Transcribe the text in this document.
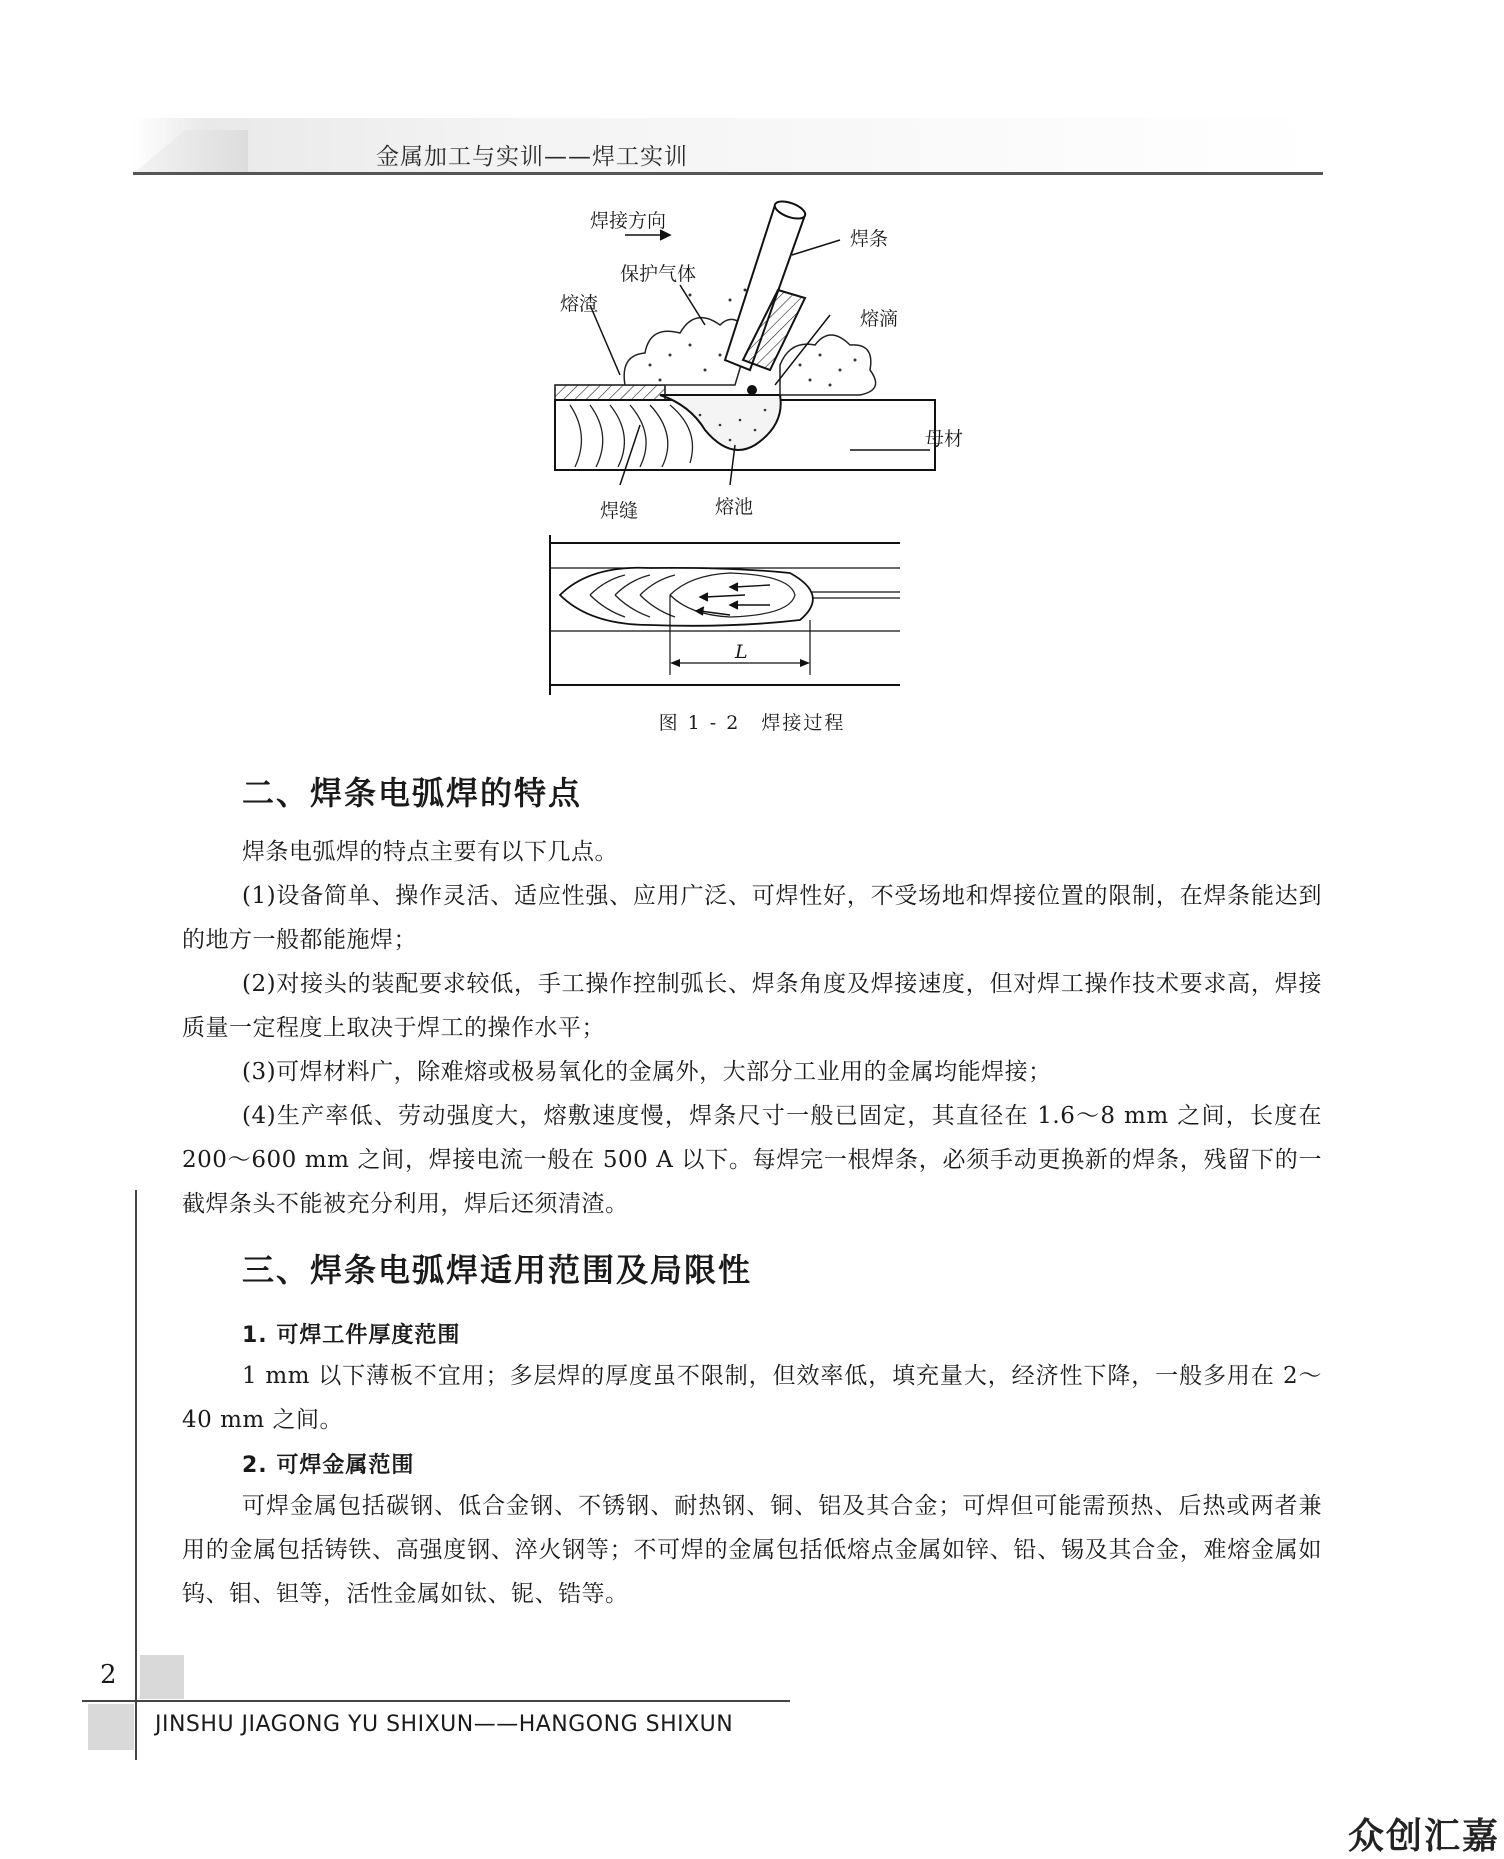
金属加工与实训——焊工实训
焊接方向
焊条
保护气体
熔渣
熔滴
母材
焊缝	熔池
L
图 1 - 2　焊接过程
二、焊条电弧焊的特点
焊条电弧焊的特点主要有以下几点。
(1)设备简单、操作灵活、适应性强、应用广泛、可焊性好，不受场地和焊接位置的限制，在焊条能达到的地方一般都能施焊；
(2)对接头的装配要求较低，手工操作控制弧长、焊条角度及焊接速度，但对焊工操作技术要求高，焊接质量一定程度上取决于焊工的操作水平；
(3)可焊材料广，除难熔或极易氧化的金属外，大部分工业用的金属均能焊接；
(4)生产率低、劳动强度大，熔敷速度慢，焊条尺寸一般已固定，其直径在 1.6～8 mm 之间，长度在 200～600 mm 之间，焊接电流一般在 500 A 以下。每焊完一根焊条，必须手动更换新的焊条，残留下的一截焊条头不能被充分利用，焊后还须清渣。
三、焊条电弧焊适用范围及局限性
1. 可焊工件厚度范围
1 mm 以下薄板不宜用；多层焊的厚度虽不限制，但效率低，填充量大，经济性下降，一般多用在 2～40 mm 之间。
2. 可焊金属范围
可焊金属包括碳钢、低合金钢、不锈钢、耐热钢、铜、铝及其合金；可焊但可能需预热、后热或两者兼用的金属包括铸铁、高强度钢、淬火钢等；不可焊的金属包括低熔点金属如锌、铅、锡及其合金，难熔金属如钨、钼、钽等，活性金属如钛、铌、锆等。
2
JINSHU JIAGONG YU SHIXUN——HANGONG SHIXUN
众创汇嘉
